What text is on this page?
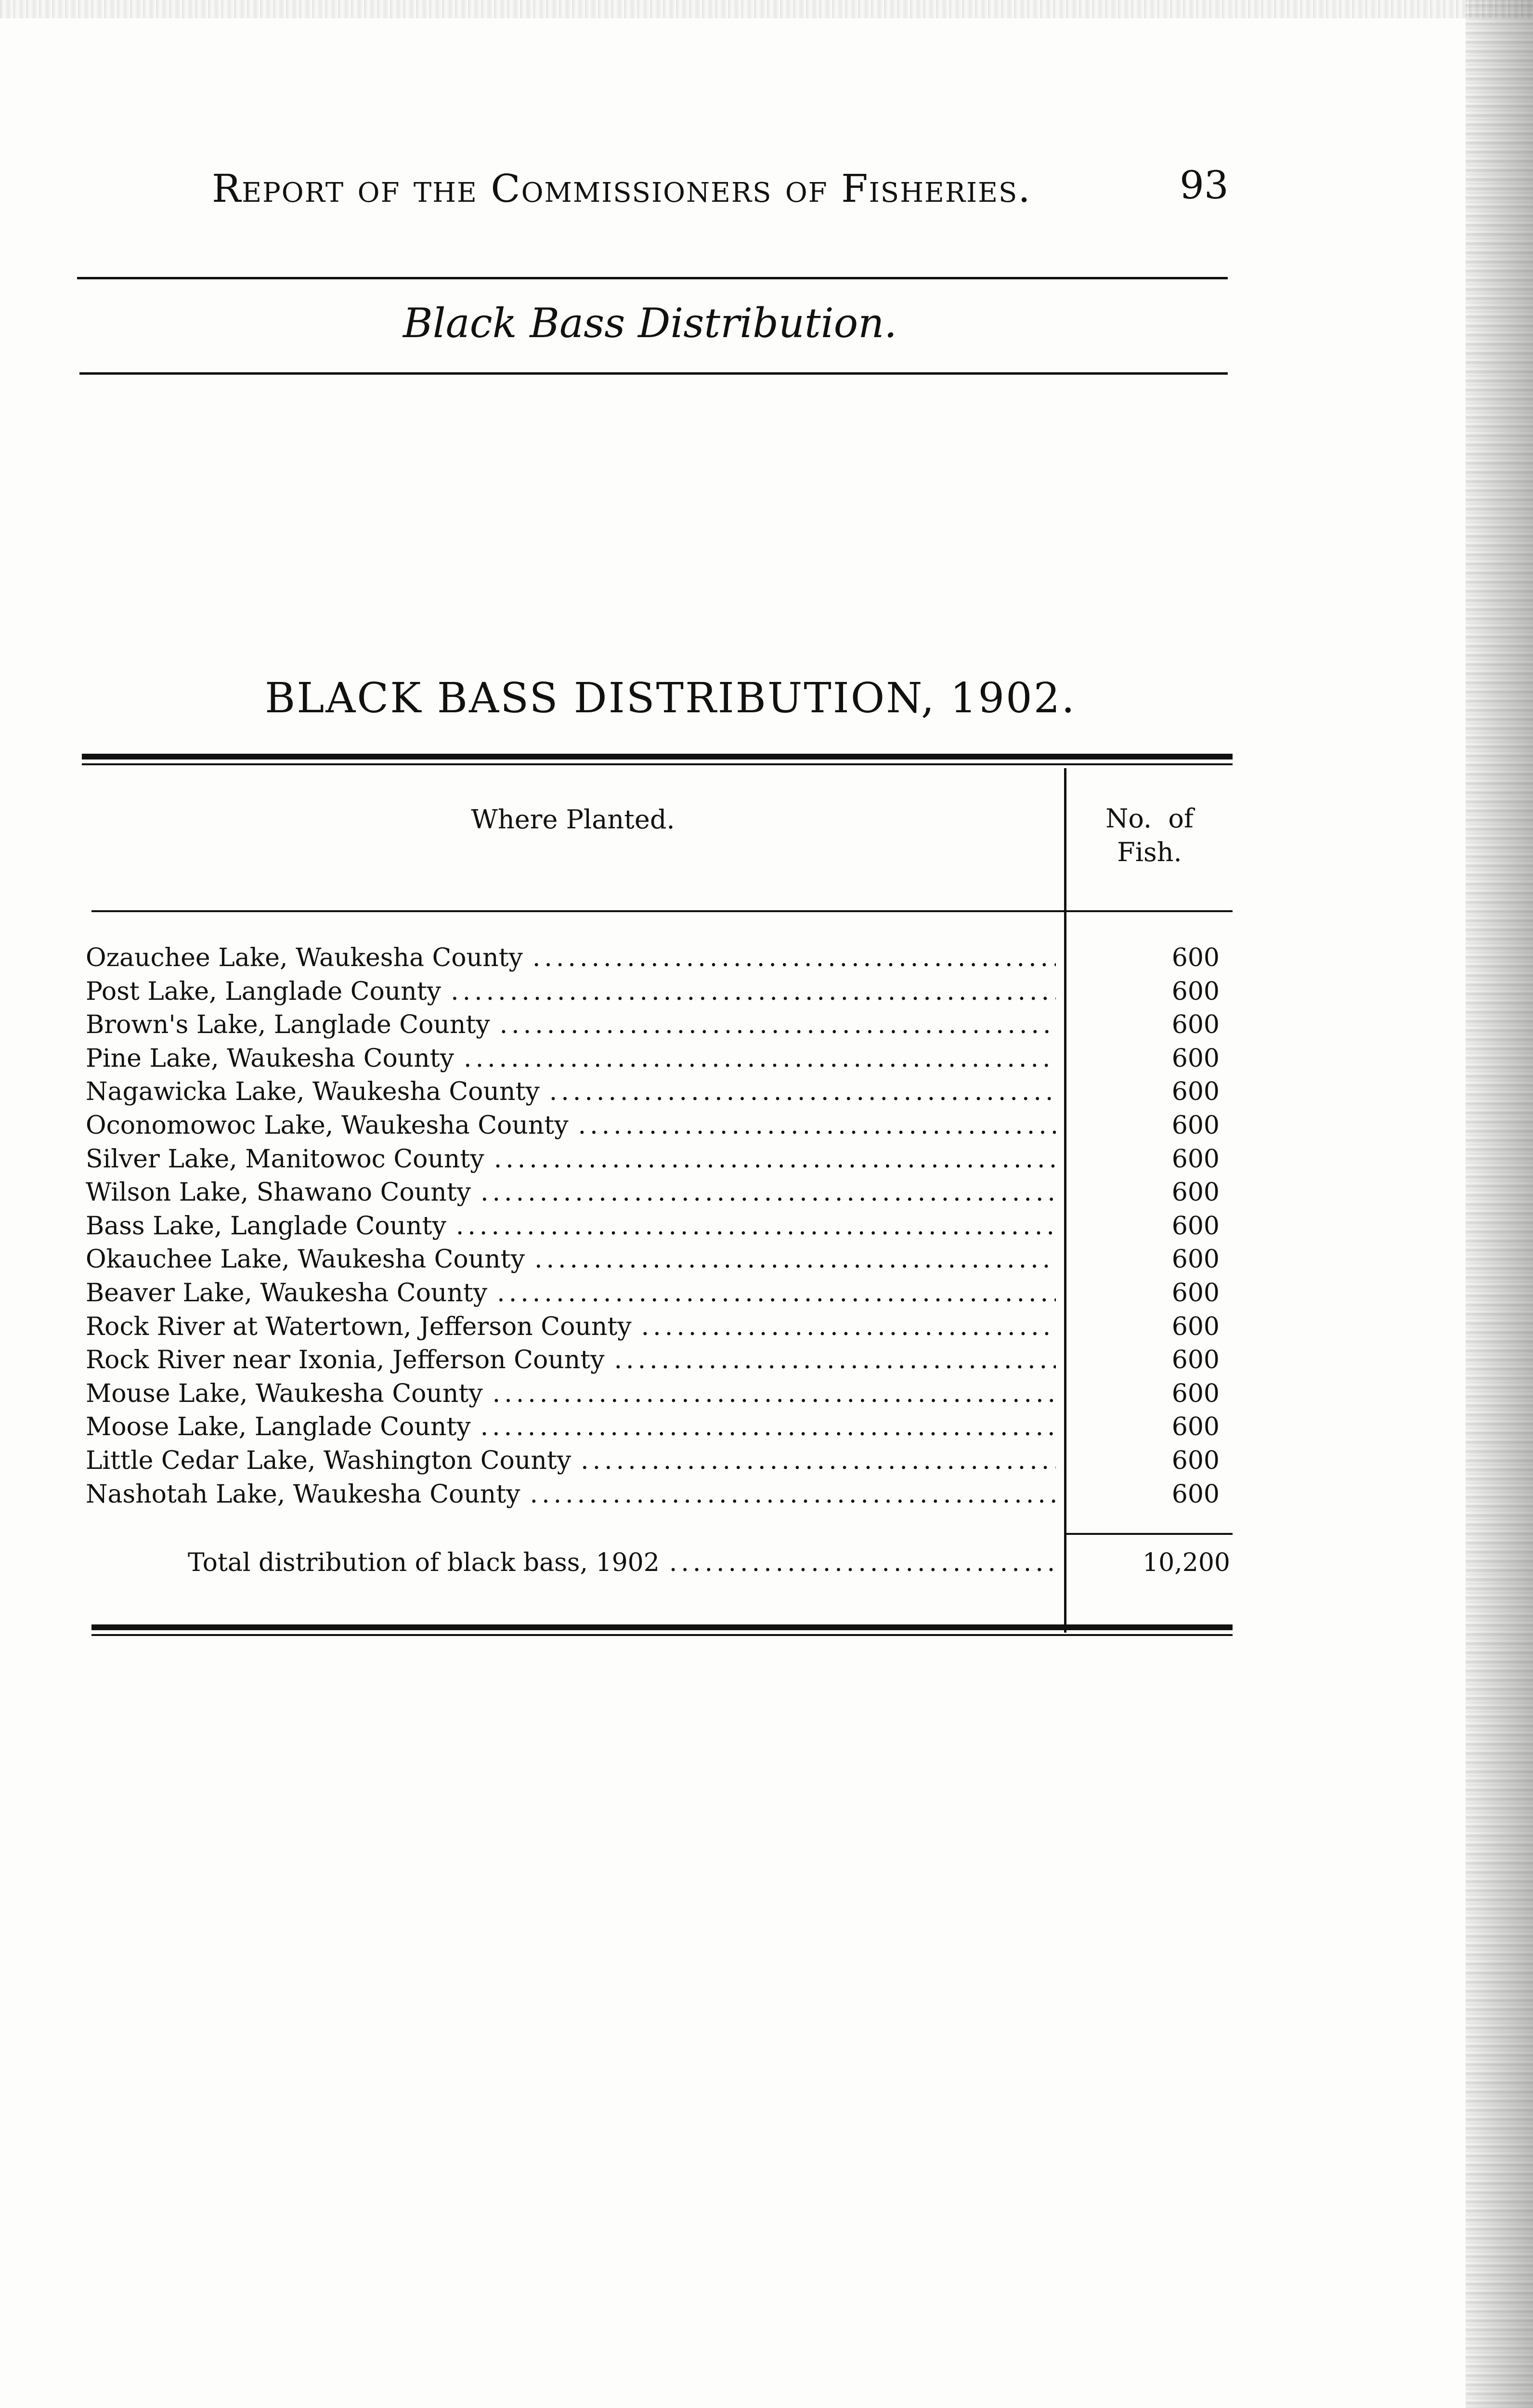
Report of the Commissioners of Fisheries.	93
Black Bass Distribution.
BLACK BASS DISTRIBUTION, 1902.
Where Planted.	No.  of
Fish.
Ozauchee Lake, Waukesha County .....	600
Post Lake, Langlade County .....	600
Brown's Lake, Langlade County .....	600
Pine Lake, Waukesha County .....	600
Nagawicka Lake, Waukesha County .....	600
Oconomowoc Lake, Waukesha County .....	600
Silver Lake, Manitowoc County .....	600
Wilson Lake, Shawano County .....	600
Bass Lake, Langlade County .....	600
Okauchee Lake, Waukesha County .....	600
Beaver Lake, Waukesha County .....	600
Rock River at Watertown, Jefferson County .....	600
Rock River near Ixonia, Jefferson County .....	600
Mouse Lake, Waukesha County .....	600
Moose Lake, Langlade County .....	600
Little Cedar Lake, Washington County .....	600
Nashotah Lake, Waukesha County .....	600
Total distribution of black bass, 1902 .....	10,200
